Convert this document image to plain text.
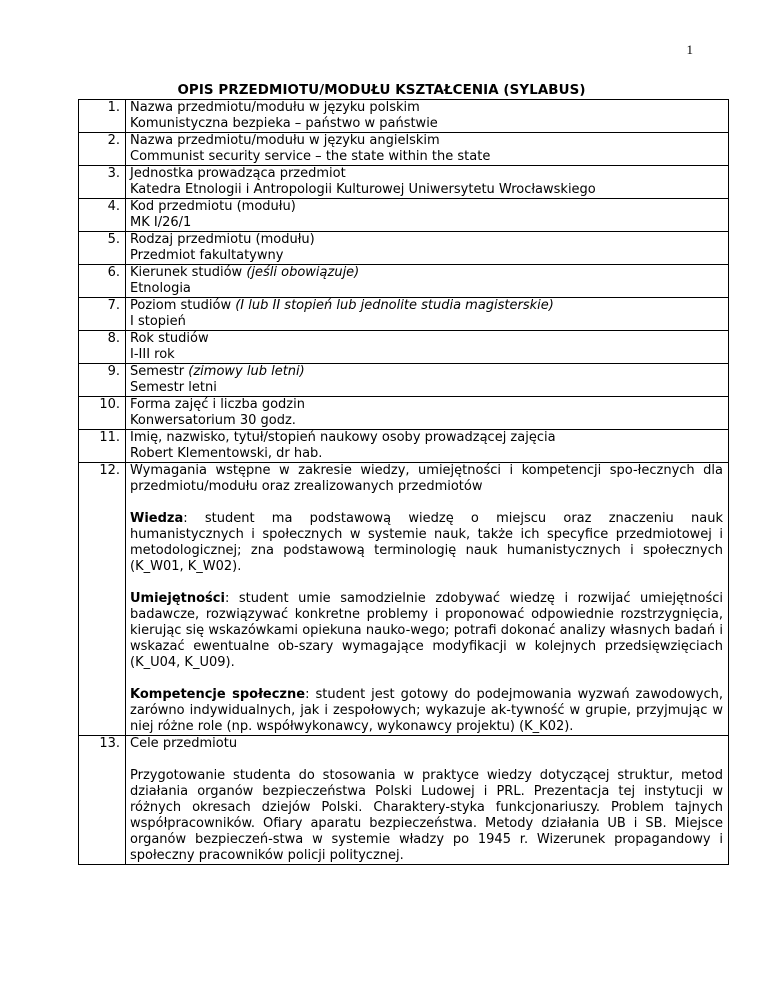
1
OPIS PRZEDMIOTU/MODUŁU KSZTAŁCENIA (SYLABUS)
1.	Nazwa przedmiotu/modułu w języku polskim
Komunistyczna bezpieka – państwo w państwie

2.	Nazwa przedmiotu/modułu w języku angielskim
Communist security service – the state within the state

3.	Jednostka prowadząca przedmiot
Katedra Etnologii i Antropologii Kulturowej Uniwersytetu Wrocławskiego

4.	Kod przedmiotu (modułu)
MK I/26/1

5.	Rodzaj przedmiotu (modułu)
Przedmiot fakultatywny

6.	Kierunek studiów (jeśli obowiązuje)
Etnologia

7.	Poziom studiów (I lub II stopień lub jednolite studia magisterskie)
I stopień

8.	Rok studiów
I-III rok

9.	Semestr (zimowy lub letni)
Semestr letni

10.	Forma zajęć i liczba godzin
Konwersatorium 30 godz.

11.	Imię, nazwisko, tytuł/stopień naukowy osoby prowadzącej zajęcia
Robert Klementowski, dr hab.

12.	Wymagania wstępne w zakresie wiedzy, umiejętności i kompetencji spo-łecznych dla przedmiotu/modułu oraz zrealizowanych przedmiotów

Wiedza: student ma podstawową wiedzę o miejscu oraz znaczeniu nauk humanistycznych i społecznych w systemie nauk, także ich specyfice przedmiotowej i metodologicznej; zna podstawową terminologię nauk humanistycznych i społecznych (K_W01, K_W02).

Umiejętności: student umie samodzielnie zdobywać wiedzę i rozwijać umiejętności badawcze, rozwiązywać konkretne problemy i proponować odpowiednie rozstrzygnięcia, kierując się wskazówkami opiekuna nauko-wego; potrafi dokonać analizy własnych badań i wskazać ewentualne ob-szary wymagające modyfikacji w kolejnych przedsięwzięciach (K_U04, K_U09).

Kompetencje społeczne: student jest gotowy do podejmowania wyzwań zawodowych, zarówno indywidualnych, jak i zespołowych; wykazuje ak-tywność w grupie, przyjmując w niej różne role (np. współwykonawcy, wykonawcy projektu) (K_K02).

13.	Cele przedmiotu

Przygotowanie studenta do stosowania w praktyce wiedzy dotyczącej struktur, metod działania organów bezpieczeństwa Polski Ludowej i PRL. Prezentacja tej instytucji w różnych okresach dziejów Polski. Charaktery-styka funkcjonariuszy. Problem tajnych współpracowników. Ofiary aparatu bezpieczeństwa. Metody działania UB i SB. Miejsce organów bezpieczeń-stwa w systemie władzy po 1945 r. Wizerunek propagandowy i społeczny pracowników policji politycznej.
